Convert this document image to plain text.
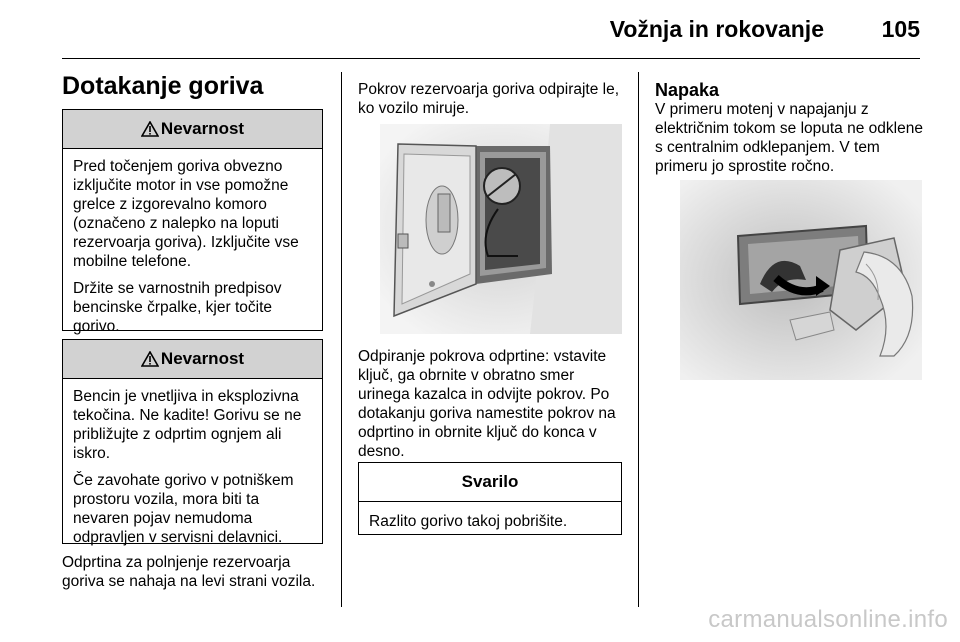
Vožnja in rokovanje	105
Dotakanje goriva
Nevarnost

Pred točenjem goriva obvezno izključite motor in vse pomožne grelce z izgorevalno komoro (označeno z nalepko na loputi rezervoarja goriva). Izključite vse mobilne telefone.

Držite se varnostnih predpisov bencinske črpalke, kjer točite gorivo.

Nevarnost

Bencin je vnetljiva in eksplozivna tekočina. Ne kadite! Gorivu se ne približujte z odprtim ognjem ali iskro.

Če zavohate gorivo v potniškem prostoru vozila, mora biti ta nevaren pojav nemudoma odpravljen v servisni delavnici.

Odprtina za polnjenje rezervoarja goriva se nahaja na levi strani vozila.
Pokrov rezervoarja goriva odpirajte le, ko vozilo miruje.
Odpiranje pokrova odprtine: vstavite ključ, ga obrnite v obratno smer urinega kazalca in odvijte pokrov. Po dotakanju goriva namestite pokrov na odprtino in obrnite ključ do konca v desno.
Svarilo

Razlito gorivo takoj pobrišite.

Napaka
V primeru motenj v napajanju z električnim tokom se loputa ne odklene s centralnim odklepanjem. V tem primeru jo sprostite ročno.
carmanualsonline.info
